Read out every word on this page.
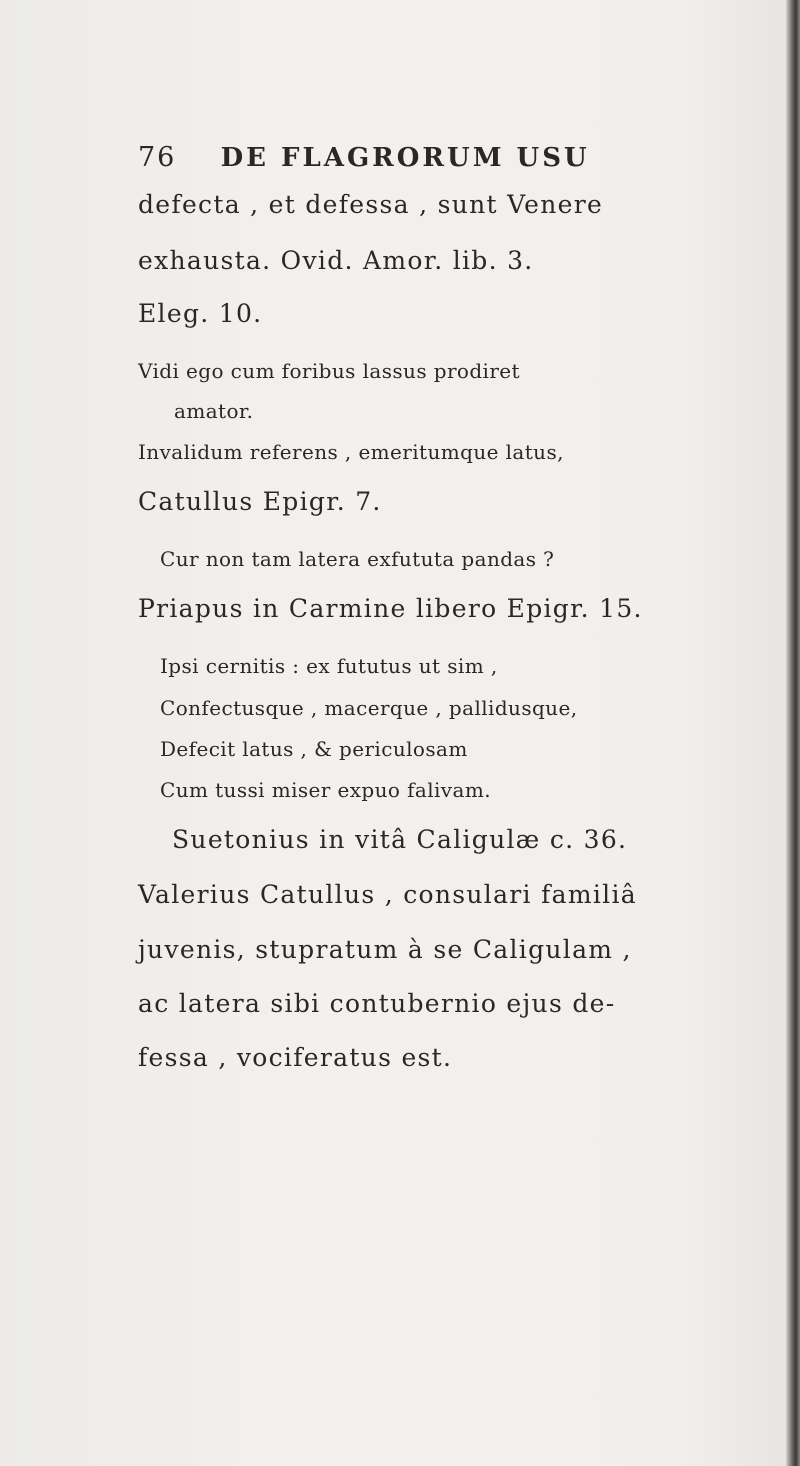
76 DE FLAGRORUM USU
defecta , et defessa , sunt Venere
exhausta. Ovid. Amor. lib. 3.
Eleg. 10.
Vidi ego cum foribus lassus prodiret
amator.
Invalidum referens , emeritumque latus,
Catullus Epigr. 7.
Cur non tam latera exfututa pandas ?
Priapus in Carmine libero Epigr. 15.
Ipsi cernitis : ex fututus ut sim ,
Confectusque , macerque , pallidusque,
Defecit latus , & periculosam
Cum tussi miser expuo falivam.
Suetonius in vitâ Caligulæ c. 36.
Valerius Catullus , consulari familiâ
juvenis, stupratum à se Caligulam ,
ac latera sibi contubernio ejus de-
fessa , vociferatus est.
